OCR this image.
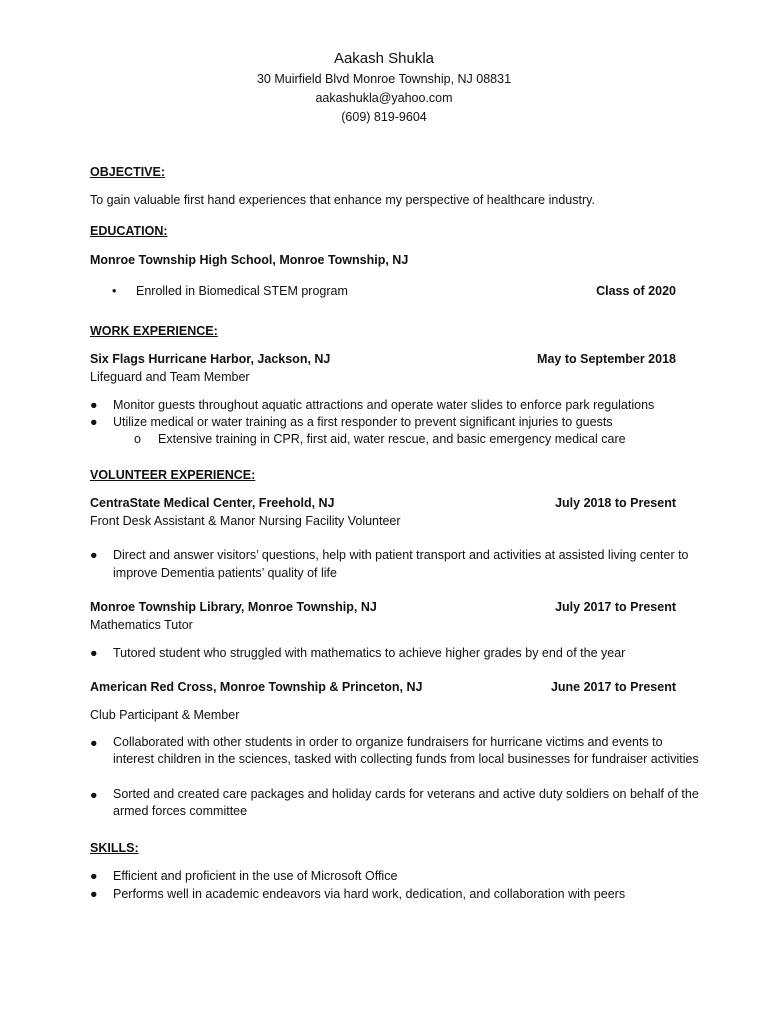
Aakash Shukla
30 Muirfield Blvd Monroe Township, NJ 08831
aakashukla@yahoo.com
(609) 819-9604
OBJECTIVE:
To gain valuable first hand experiences that enhance my perspective of healthcare industry.
EDUCATION:
Monroe Township High School, Monroe Township, NJ
• Enrolled in Biomedical STEM program	Class of 2020
WORK EXPERIENCE:
Six Flags Hurricane Harbor, Jackson, NJ	May to September 2018
Lifeguard and Team Member
●	Monitor guests throughout aquatic attractions and operate water slides to enforce park regulations
●	Utilize medical or water training as a first responder to prevent significant injuries to guests
o Extensive training in CPR, first aid, water rescue, and basic emergency medical care
VOLUNTEER EXPERIENCE:
CentraState Medical Center, Freehold, NJ	July 2018 to Present
Front Desk Assistant & Manor Nursing Facility Volunteer
●	Direct and answer visitors’ questions, help with patient transport and activities at assisted living center to improve Dementia patients’ quality of life
Monroe Township Library, Monroe Township, NJ	July 2017 to Present
Mathematics Tutor
●	Tutored student who struggled with mathematics to achieve higher grades by end of the year
American Red Cross, Monroe Township & Princeton, NJ	June 2017 to Present
Club Participant & Member
●	Collaborated with other students in order to organize fundraisers for hurricane victims and events to interest children in the sciences, tasked with collecting funds from local businesses for fundraiser activities
●	Sorted and created care packages and holiday cards for veterans and active duty soldiers on behalf of the armed forces committee
SKILLS:
●	Efficient and proficient in the use of Microsoft Office
●	Performs well in academic endeavors via hard work, dedication, and collaboration with peers
